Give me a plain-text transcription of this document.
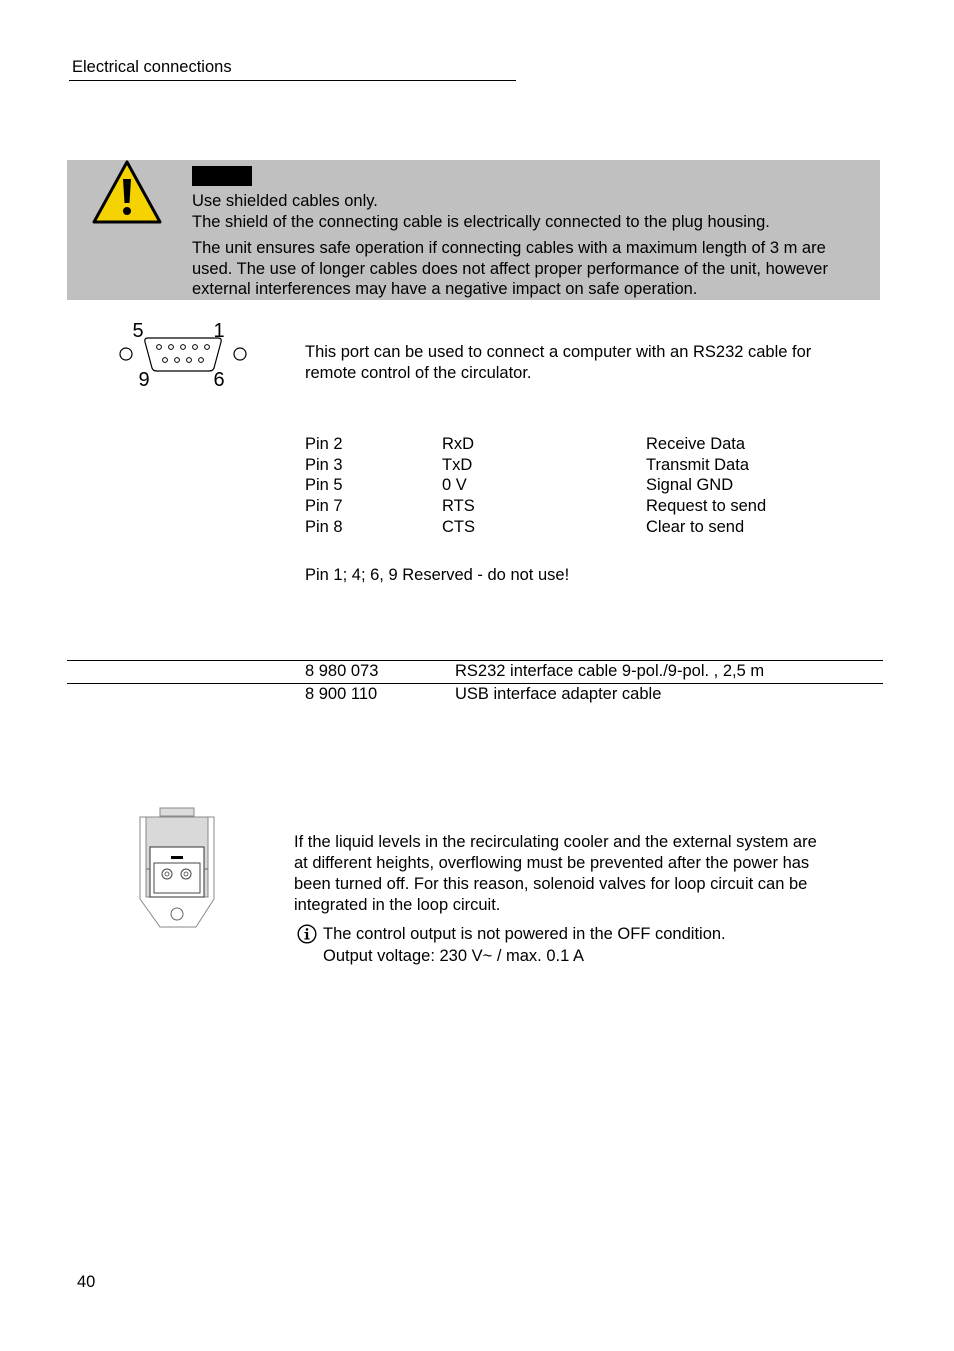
Electrical connections
Use shielded cables only.
The shield of the connecting cable is electrically connected to the plug housing.
The unit ensures safe operation if connecting cables with a maximum length of 3 m are
used. The use of longer cables does not affect proper performance of the unit, however
external interferences may have a negative impact on safe operation.
5	1
9	6
This port can be used to connect a computer with an RS232 cable for
remote control of the circulator.
Pin 2	RxD	Receive Data
Pin 3	TxD	Transmit Data
Pin 5	0 V	Signal GND
Pin 7	RTS	Request to send
Pin 8	CTS	Clear to send
Pin 1; 4; 6, 9 Reserved - do not use!
8 980 073	RS232 interface cable 9-pol./9-pol. , 2,5 m
8 900 110	USB interface adapter cable
If the liquid levels in the recirculating cooler and the external system are
at different heights, overflowing must be prevented after the power has
been turned off. For this reason, solenoid valves for loop circuit can be
integrated in the loop circuit.
The control output is not powered in the OFF condition.
Output voltage: 230 V~ / max. 0.1 A
40
